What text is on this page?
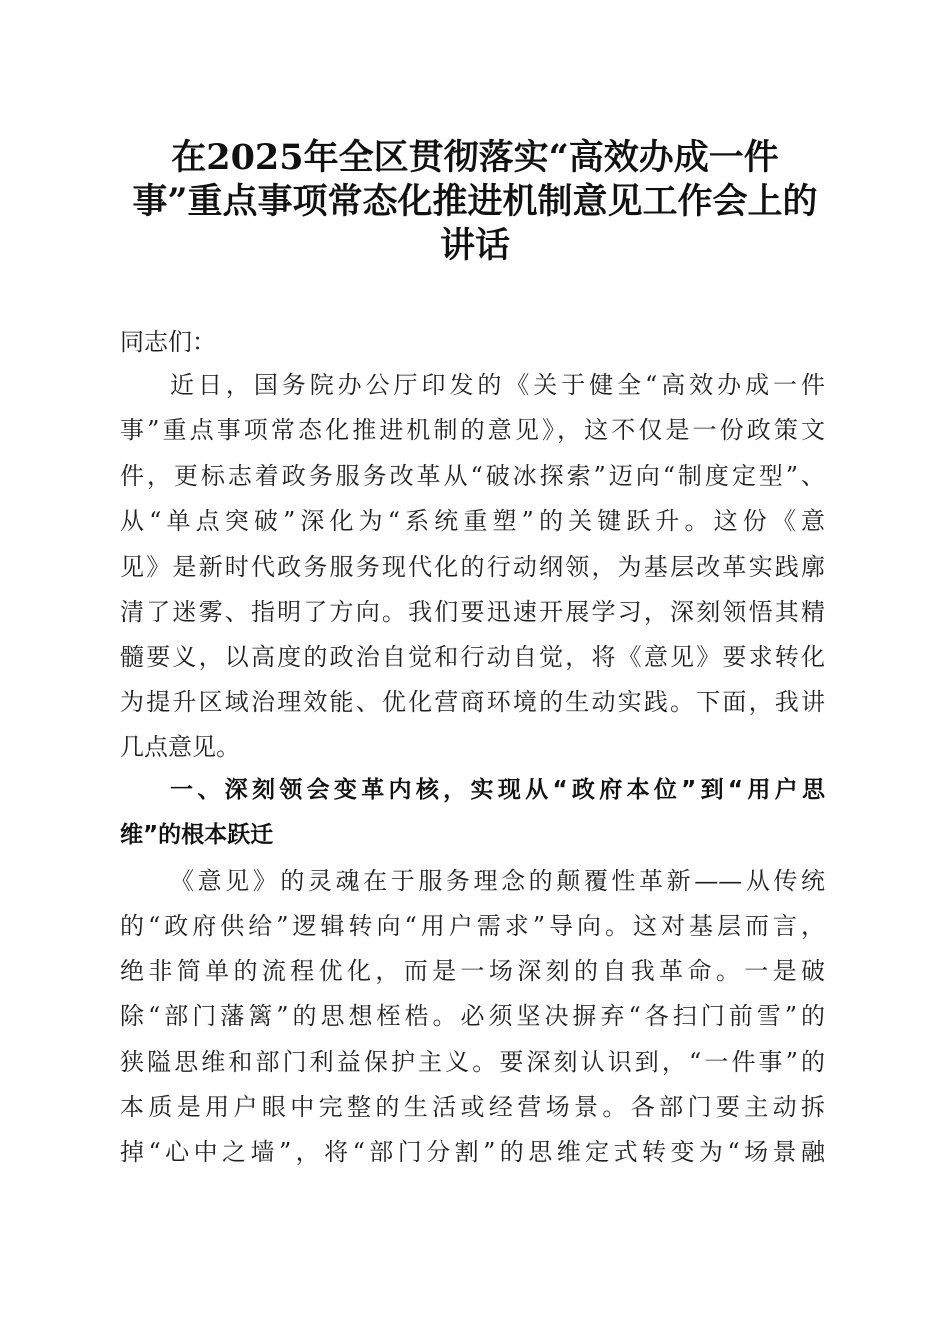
在2025年全区贯彻落实“高效办成一件
事”重点事项常态化推进机制意见工作会上的
讲话
同志们：
近日，国务院办公厅印发的《关于健全“高效办成一件
事”重点事项常态化推进机制的意见》，这不仅是一份政策文
件，更标志着政务服务改革从“破冰探索”迈向“制度定型”、
从“单点突破”深化为“系统重塑”的关键跃升。这份《意
见》是新时代政务服务现代化的行动纲领，为基层改革实践廓
清了迷雾、指明了方向。我们要迅速开展学习，深刻领悟其精
髓要义，以高度的政治自觉和行动自觉，将《意见》要求转化
为提升区域治理效能、优化营商环境的生动实践。下面，我讲
几点意见。
一、深刻领会变革内核，实现从“政府本位”到“用户思
维”的根本跃迁
《意见》的灵魂在于服务理念的颠覆性革新——从传统
的“政府供给”逻辑转向“用户需求”导向。这对基层而言，
绝非简单的流程优化，而是一场深刻的自我革命。一是破
除“部门藩篱”的思想桎梏。必须坚决摒弃“各扫门前雪”的
狭隘思维和部门利益保护主义。要深刻认识到，“一件事”的
本质是用户眼中完整的生活或经营场景。各部门要主动拆
掉“心中之墙”，将“部门分割”的思维定式转变为“场景融
